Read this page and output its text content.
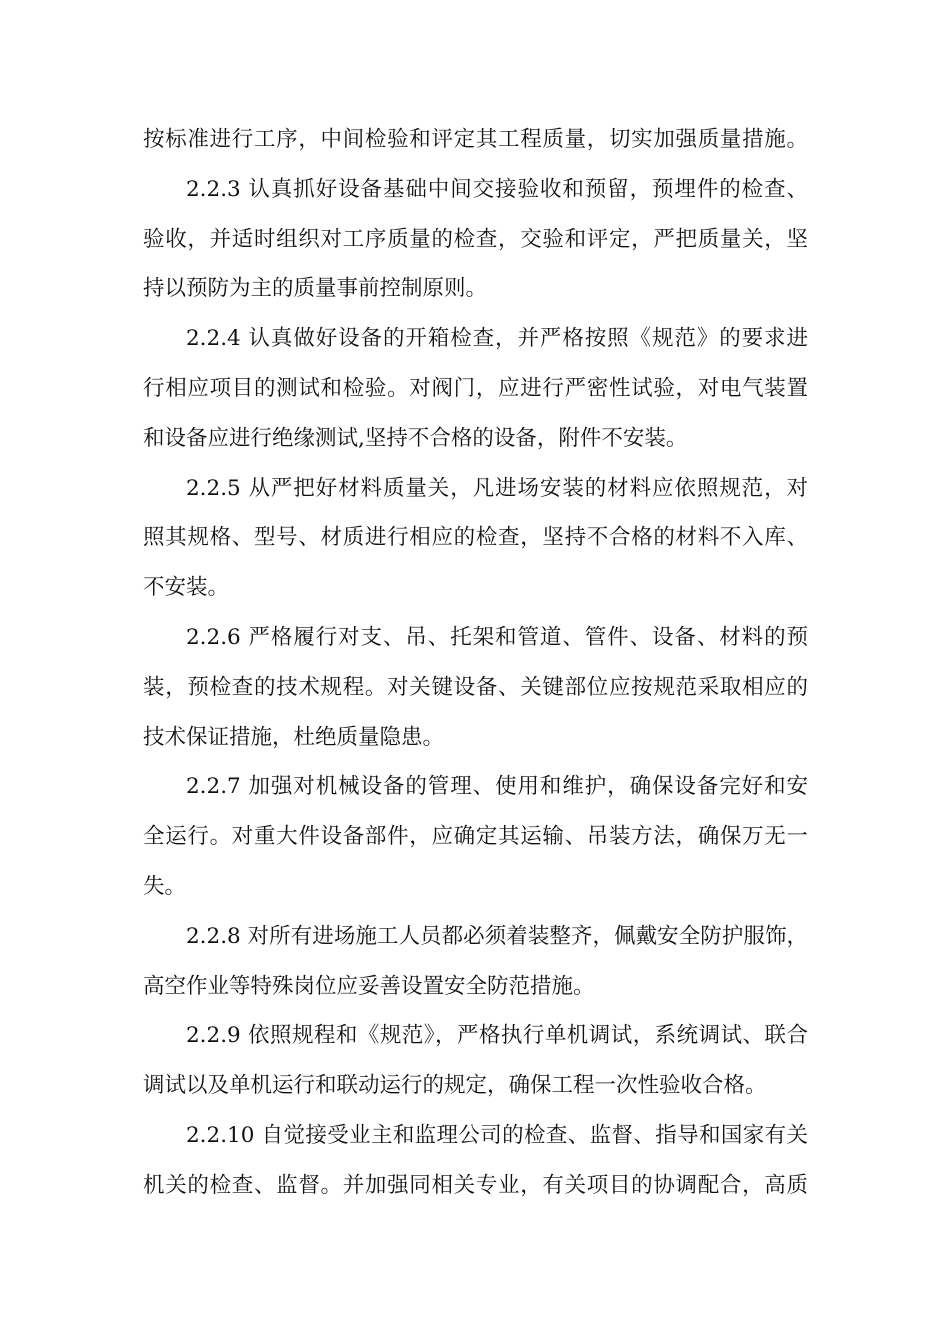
按标准进行工序，中间检验和评定其工程质量，切实加强质量措施。
2.2.3 认真抓好设备基础中间交接验收和预留，预埋件的检查、
验收，并适时组织对工序质量的检查，交验和评定，严把质量关，坚
持以预防为主的质量事前控制原则。
2.2.4 认真做好设备的开箱检查，并严格按照《规范》的要求进
行相应项目的测试和检验。对阀门，应进行严密性试验，对电气装置
和设备应进行绝缘测试,坚持不合格的设备，附件不安装。
2.2.5 从严把好材料质量关，凡进场安装的材料应依照规范，对
照其规格、型号、材质进行相应的检查，坚持不合格的材料不入库、
不安装。
2.2.6 严格履行对支、吊、托架和管道、管件、设备、材料的预
装，预检查的技术规程。对关键设备、关键部位应按规范采取相应的
技术保证措施，杜绝质量隐患。
2.2.7 加强对机械设备的管理、使用和维护，确保设备完好和安
全运行。对重大件设备部件，应确定其运输、吊装方法，确保万无一
失。
2.2.8 对所有进场施工人员都必须着装整齐，佩戴安全防护服饰，
高空作业等特殊岗位应妥善设置安全防范措施。
2.2.9 依照规程和《规范》，严格执行单机调试，系统调试、联合
调试以及单机运行和联动运行的规定，确保工程一次性验收合格。
2.2.10 自觉接受业主和监理公司的检查、监督、指导和国家有关
机关的检查、监督。并加强同相关专业，有关项目的协调配合，高质
